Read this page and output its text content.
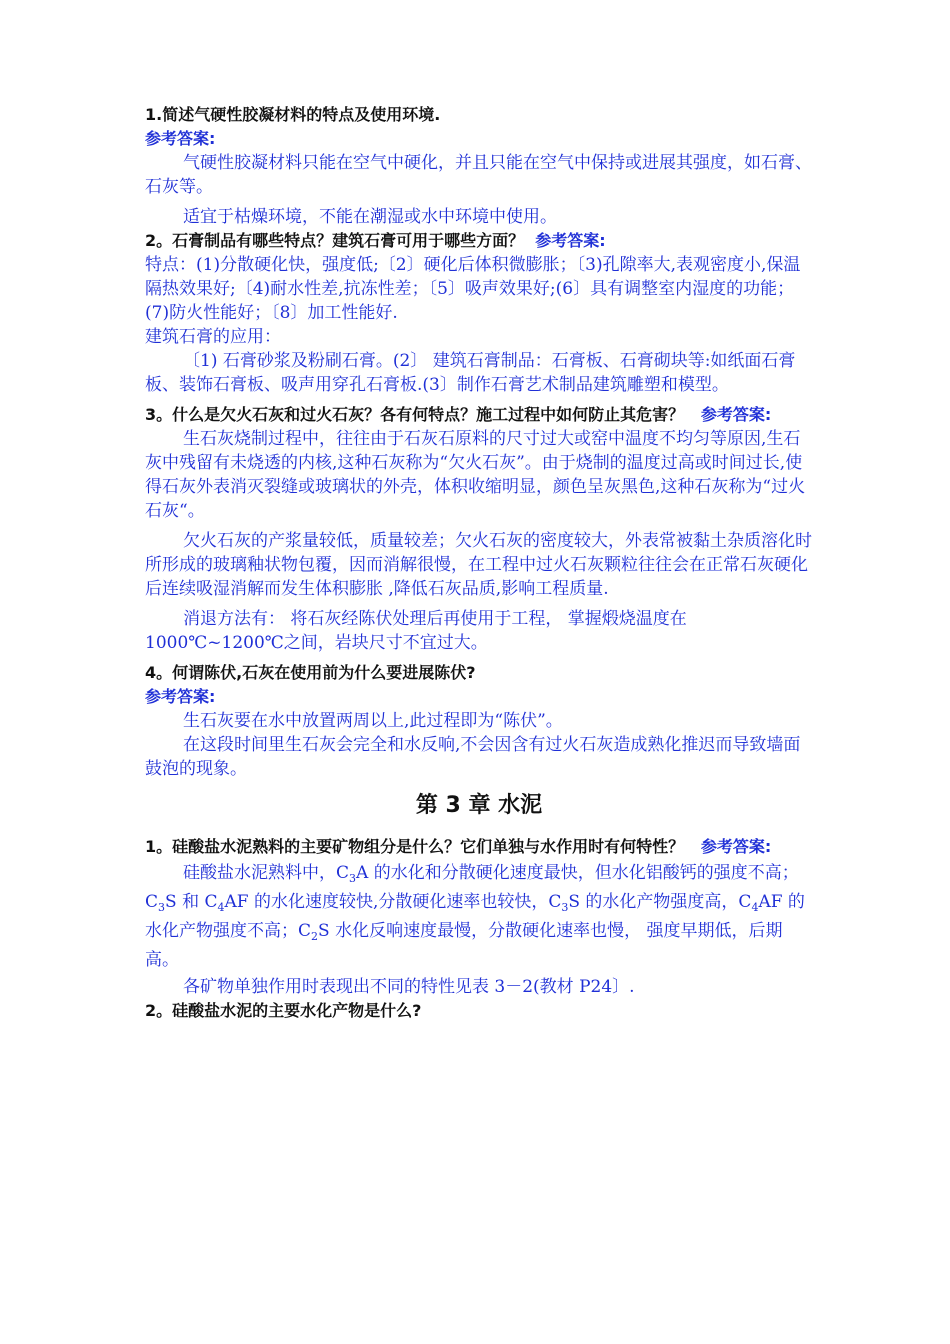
1.简述气硬性胶凝材料的特点及使用环境.

参考答案:

气硬性胶凝材料只能在空气中硬化，并且只能在空气中保持或进展其强度，如石膏、石灰等。

适宜于枯燥环境，不能在潮湿或水中环境中使用。

2。石膏制品有哪些特点？建筑石膏可用于哪些方面？ 参考答案:

特点：(1)分散硬化快，强度低;〔2〕硬化后体积微膨胀；〔3)孔隙率大,表观密度小,保温隔热效果好;〔4)耐水性差,抗冻性差；〔5〕吸声效果好;(6〕具有调整室内湿度的功能；(7)防火性能好；〔8〕加工性能好.

建筑石膏的应用：

〔1) 石膏砂浆及粉刷石膏。(2〕 建筑石膏制品：石膏板、石膏砌块等:如纸面石膏板、装饰石膏板、吸声用穿孔石膏板.(3〕制作石膏艺术制品建筑雕塑和模型。

3。什么是欠火石灰和过火石灰？各有何特点？施工过程中如何防止其危害？ 参考答案:

生石灰烧制过程中，往往由于石灰石原料的尺寸过大或窑中温度不均匀等原因,生石灰中残留有未烧透的内核,这种石灰称为“欠火石灰”。由于烧制的温度过高或时间过长,使得石灰外表消灭裂缝或玻璃状的外壳，体积收缩明显，颜色呈灰黑色,这种石灰称为“过火石灰“。

欠火石灰的产浆量较低，质量较差；欠火石灰的密度较大，外表常被黏土杂质溶化时所形成的玻璃釉状物包覆，因而消解很慢，在工程中过火石灰颗粒往往会在正常石灰硬化后连续吸湿消解而发生体积膨胀 ,降低石灰品质,影响工程质量.

消退方法有： 将石灰经陈伏处理后再使用于工程， 掌握煅烧温度在1000℃~1200℃之间，岩块尺寸不宜过大。

4。何谓陈伏,石灰在使用前为什么要进展陈伏?

参考答案:

生石灰要在水中放置两周以上,此过程即为“陈伏”。

在这段时间里生石灰会完全和水反响,不会因含有过火石灰造成熟化推迟而导致墙面鼓泡的现象。

第 3 章 水泥

1。硅酸盐水泥熟料的主要矿物组分是什么？它们单独与水作用时有何特性？ 参考答案:

硅酸盐水泥熟料中，$C_3A$ 的水化和分散硬化速度最快，但水化铝酸钙的强度不高；$C_3S$ 和 $C_4AF$ 的水化速度较快,分散硬化速率也较快，$C_3S$ 的水化产物强度高，$C_4AF$ 的水化产物强度不高；$C_2S$ 水化反响速度最慢，分散硬化速率也慢， 强度早期低，后期高。

各矿物单独作用时表现出不同的特性见表 3－2(教材 P24〕.

2。硅酸盐水泥的主要水化产物是什么?
